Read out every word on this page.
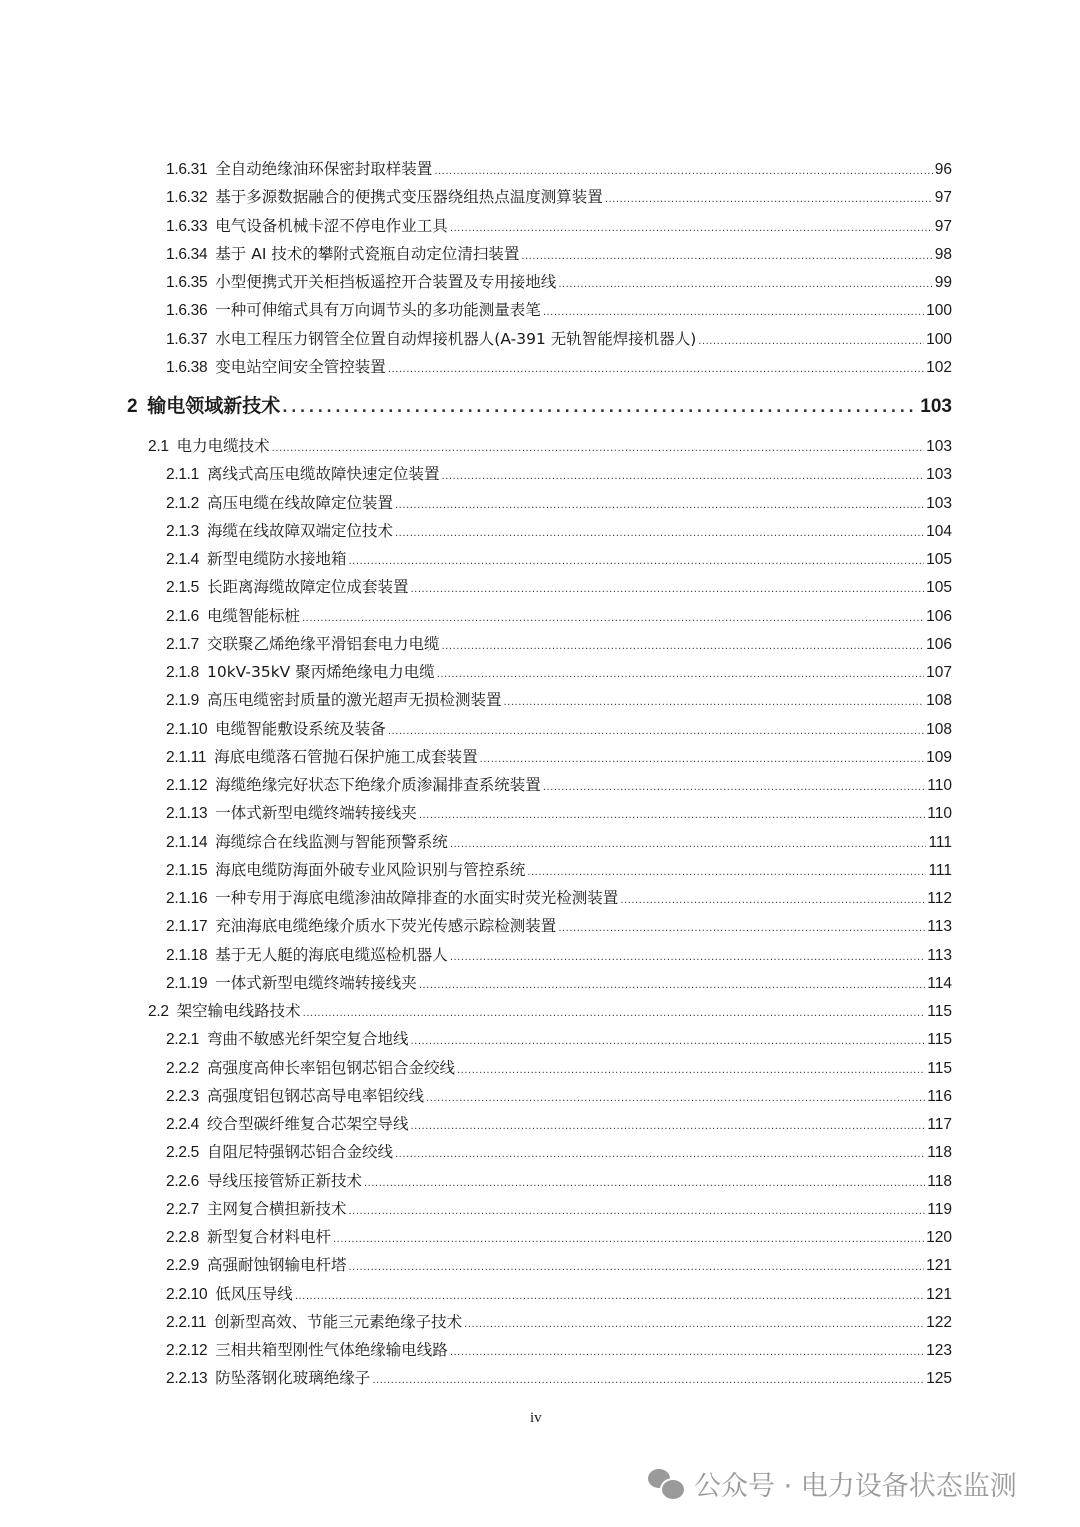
1.6.31 全自动绝缘油环保密封取样装置 .....	96
1.6.32 基于多源数据融合的便携式变压器绕组热点温度测算装置 .....	97
1.6.33 电气设备机械卡涩不停电作业工具 .....	97
1.6.34 基于 AI 技术的攀附式瓷瓶自动定位清扫装置 .....	98
1.6.35 小型便携式开关柜挡板遥控开合装置及专用接地线 .....	99
1.6.36 一种可伸缩式具有万向调节头的多功能测量表笔 .....	100
1.6.37 水电工程压力钢管全位置自动焊接机器人(A-391 无轨智能焊接机器人) .....	100
1.6.38 变电站空间安全管控装置 .....	102
2 输电领域新技术 .....	103
2.1 电力电缆技术 .....	103
2.1.1 离线式高压电缆故障快速定位装置 .....	103
2.1.2 高压电缆在线故障定位装置 .....	103
2.1.3 海缆在线故障双端定位技术 .....	104
2.1.4 新型电缆防水接地箱 .....	105
2.1.5 长距离海缆故障定位成套装置 .....	105
2.1.6 电缆智能标桩 .....	106
2.1.7 交联聚乙烯绝缘平滑铝套电力电缆 .....	106
2.1.8 10kV-35kV 聚丙烯绝缘电力电缆 .....	107
2.1.9 高压电缆密封质量的激光超声无损检测装置 .....	108
2.1.10 电缆智能敷设系统及装备 .....	108
2.1.11 海底电缆落石管抛石保护施工成套装置 .....	109
2.1.12 海缆绝缘完好状态下绝缘介质渗漏排查系统装置 .....	110
2.1.13 一体式新型电缆终端转接线夹 .....	110
2.1.14 海缆综合在线监测与智能预警系统 .....	111
2.1.15 海底电缆防海面外破专业风险识别与管控系统 .....	111
2.1.16 一种专用于海底电缆渗油故障排查的水面实时荧光检测装置 .....	112
2.1.17 充油海底电缆绝缘介质水下荧光传感示踪检测装置 .....	113
2.1.18 基于无人艇的海底电缆巡检机器人 .....	113
2.1.19 一体式新型电缆终端转接线夹 .....	114
2.2 架空输电线路技术 .....	115
2.2.1 弯曲不敏感光纤架空复合地线 .....	115
2.2.2 高强度高伸长率铝包钢芯铝合金绞线 .....	115
2.2.3 高强度铝包钢芯高导电率铝绞线 .....	116
2.2.4 绞合型碳纤维复合芯架空导线 .....	117
2.2.5 自阻尼特强钢芯铝合金绞线 .....	118
2.2.6 导线压接管矫正新技术 .....	118
2.2.7 主网复合横担新技术 .....	119
2.2.8 新型复合材料电杆 .....	120
2.2.9 高强耐蚀钢输电杆塔 .....	121
2.2.10 低风压导线 .....	121
2.2.11 创新型高效、节能三元素绝缘子技术 .....	122
2.2.12 三相共箱型刚性气体绝缘输电线路 .....	123
2.2.13 防坠落钢化玻璃绝缘子 .....	125
iv
公众号 · 电力设备状态监测
